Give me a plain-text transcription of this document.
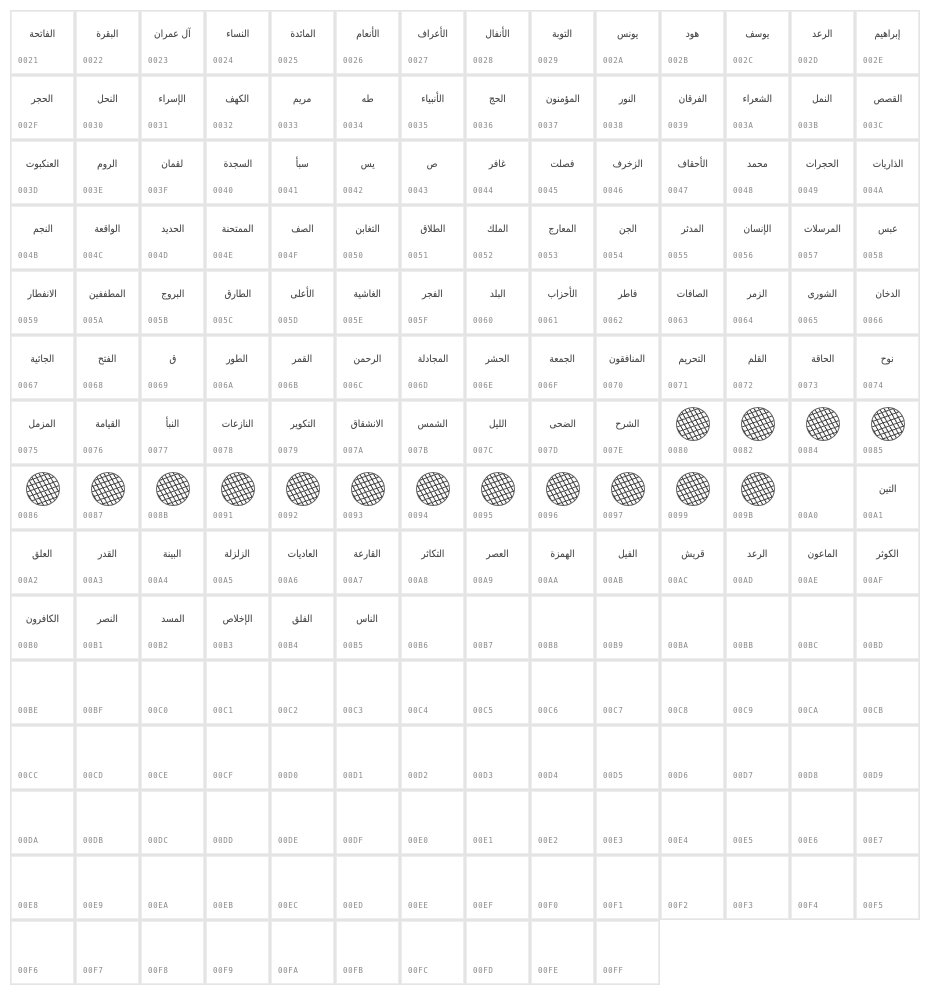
الفاتحة
0021
البقرة
0022
آل عمران
0023
النساء
0024
المائدة
0025
الأنعام
0026
الأعراف
0027
الأنفال
0028
التوبة
0029
يونس
002A
هود
002B
يوسف
002C
الرعد
002D
إبراهيم
002E
الحجر
002F
النحل
0030
الإسراء
0031
الكهف
0032
مريم
0033
طه
0034
الأنبياء
0035
الحج
0036
المؤمنون
0037
النور
0038
الفرقان
0039
الشعراء
003A
النمل
003B
القصص
003C
العنكبوت
003D
الروم
003E
لقمان
003F
السجدة
0040
سبأ
0041
يس
0042
ص
0043
غافر
0044
فصلت
0045
الزخرف
0046
الأحقاف
0047
محمد
0048
الحجرات
0049
الذاريات
004A
النجم
004B
الواقعة
004C
الحديد
004D
الممتحنة
004E
الصف
004F
التغابن
0050
الطلاق
0051
الملك
0052
المعارج
0053
الجن
0054
المدثر
0055
الإنسان
0056
المرسلات
0057
عبس
0058
الانفطار
0059
المطففين
005A
البروج
005B
الطارق
005C
الأعلى
005D
الغاشية
005E
الفجر
005F
البلد
0060
الأحزاب
0061
فاطر
0062
الصافات
0063
الزمر
0064
الشورى
0065
الدخان
0066
الجاثية
0067
الفتح
0068
ق
0069
الطور
006A
القمر
006B
الرحمن
006C
المجادلة
006D
الحشر
006E
الجمعة
006F
المنافقون
0070
التحريم
0071
القلم
0072
الحاقة
0073
نوح
0074
المزمل
0075
القيامة
0076
النبأ
0077
النازعات
0078
التكوير
0079
الانشقاق
007A
الشمس
007B
الليل
007C
الضحى
007D
الشرح
007E	0080	0082	0084	0085
0086	0087	008B	0091	0092	0093	0094	0095	0096	0097	0099	009B	00A0
التين
00A1
العلق
00A2
القدر
00A3
البينة
00A4
الزلزلة
00A5
العاديات
00A6
القارعة
00A7
التكاثر
00A8
العصر
00A9
الهمزة
00AA
الفيل
00AB
قريش
00AC
الرعد
00AD
الماعون
00AE
الكوثر
00AF
الكافرون
00B0
النصر
00B1
المسد
00B2
الإخلاص
00B3
الفلق
00B4
الناس
00B5	00B6	00B7	00B8	00B9	00BA	00BB	00BC	00BD
00BE	00BF	00C0	00C1	00C2	00C3	00C4	00C5	00C6	00C7	00C8	00C9	00CA	00CB
00CC	00CD	00CE	00CF	00D0	00D1	00D2	00D3	00D4	00D5	00D6	00D7	00D8	00D9
00DA	00DB	00DC	00DD	00DE	00DF	00E0	00E1	00E2	00E3	00E4	00E5	00E6	00E7
00E8	00E9	00EA	00EB	00EC	00ED	00EE	00EF	00F0	00F1	00F2	00F3	00F4	00F5
00F6	00F7	00F8	00F9	00FA	00FB	00FC	00FD	00FE	00FF
